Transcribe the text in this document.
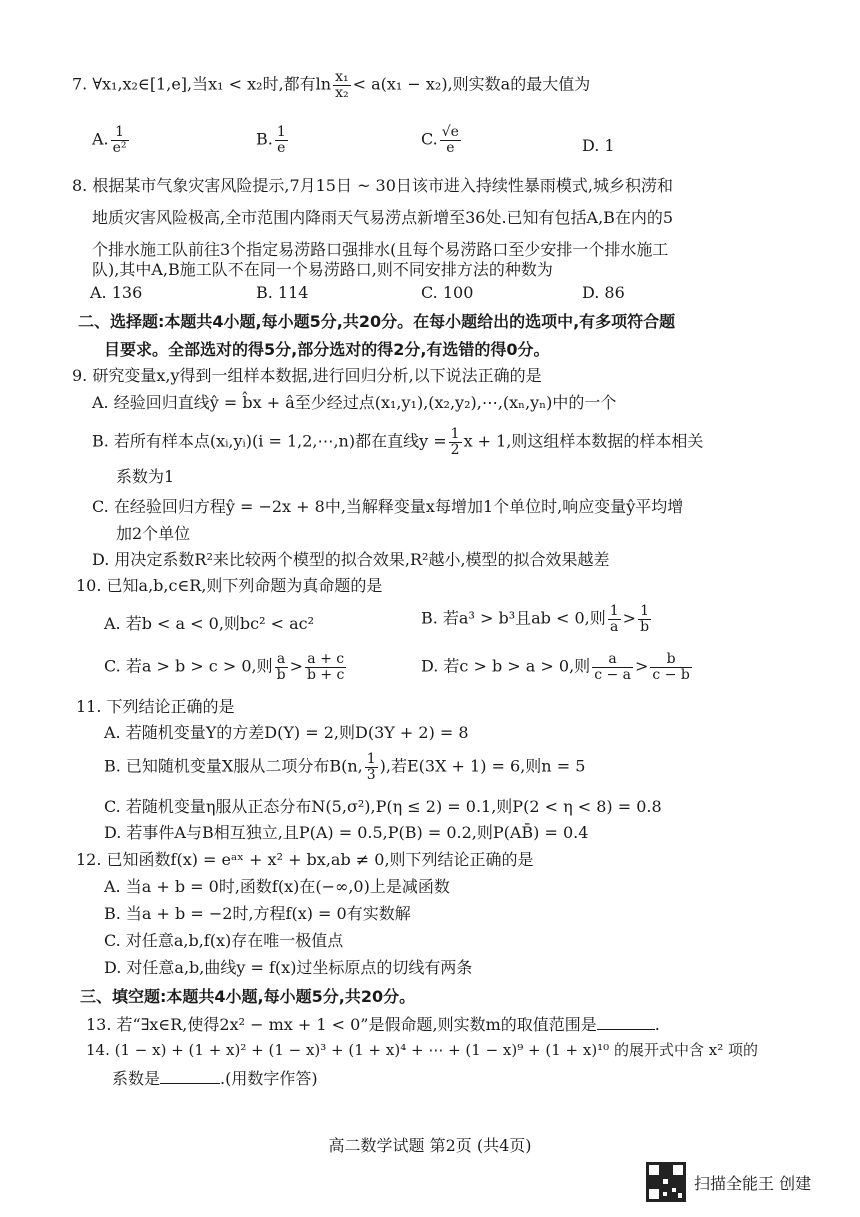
7. ∀x₁,x₂∈[1,e],当x₁ < x₂时,都有$\ln \frac{\text{x₁}}{\text{x₂}} < a(x_1 - x_2)$,则实数a的最大值为
A. $\frac{1}{\text{e²}}$	B. $\frac{1}{e}$	C. $\frac{√e}{e}$	D. 1
8. 根据某市气象灾害风险提示,7月15日 ~ 30日该市进入持续性暴雨模式,城乡积涝和
地质灾害风险极高,全市范围内降雨天气易涝点新增至36处.已知有包括A,B在内的5
个排水施工队前往3个指定易涝路口强排水(且每个易涝路口至少安排一个排水施工
队),其中A,B施工队不在同一个易涝路口,则不同安排方法的种数为
A. 136	B. 114	C. 100	D. 86
二、选择题:本题共4小题,每小题5分,共20分。在每小题给出的选项中,有多项符合题
目要求。全部选对的得5分,部分选对的得2分,有选错的得0分。
9. 研究变量x,y得到一组样本数据,进行回归分析,以下说法正确的是
A. 经验回归直线ŷ = b̂x + â至少经过点(x₁,y₁),(x₂,y₂),⋯,(xₙ,yₙ)中的一个
B. 若所有样本点(xᵢ,yᵢ)(i = 1,2,⋯,n)都在直线$y = \frac{1}{2}$ x + 1,则这组样本数据的样本相关
系数为1
C. 在经验回归方程ŷ = −2x + 8中,当解释变量x每增加1个单位时,响应变量ŷ平均增
加2个单位
D. 用决定系数R²来比较两个模型的拟合效果,R²越小,模型的拟合效果越差
10. 已知a,b,c∈R,则下列命题为真命题的是
A. 若b < a < 0,则bc² < ac²	B. 若a³ > b³且ab < 0,则 $\frac{1}{a} > \frac{1}{b}$
C. 若a > b > c > 0,则 $\frac{a}{b} > \frac{a + c}{b + c}$	D. 若c > b > a > 0,则 $\frac{a}{c - a} > \frac{b}{c - b}$
11. 下列结论正确的是
A. 若随机变量Y的方差D(Y) = 2,则D(3Y + 2) = 8
B. 已知随机变量X服从二项分布B(n, $\frac{1}{3}$ ),若E(3X + 1) = 6,则n = 5
C. 若随机变量η服从正态分布N(5,σ²),P(η ≤ 2) = 0.1,则P(2 < η < 8) = 0.8
D. 若事件A与B相互独立,且P(A) = 0.5,P(B) = 0.2,则P(AB̄) = 0.4
12. 已知函数f(x) = eᵃˣ + x² + bx,ab ≠ 0,则下列结论正确的是
A. 当a + b = 0时,函数f(x)在(−∞,0)上是减函数
B. 当a + b = −2时,方程f(x) = 0有实数解
C. 对任意a,b,f(x)存在唯一极值点
D. 对任意a,b,曲线y = f(x)过坐标原点的切线有两条
三、填空题:本题共4小题,每小题5分,共20分。
13. 若“∃x∈R,使得2x² − mx + 1 < 0”是假命题,则实数m的取值范围是	.
14. (1 − x) + (1 + x)² + (1 − x)³ + (1 + x)⁴ + ⋯ + (1 − x)⁹ + (1 + x)¹⁰ 的展开式中含 x² 项的
系数是	.(用数字作答)
高二数学试题 第2页 (共4页)
扫描全能王 创建
